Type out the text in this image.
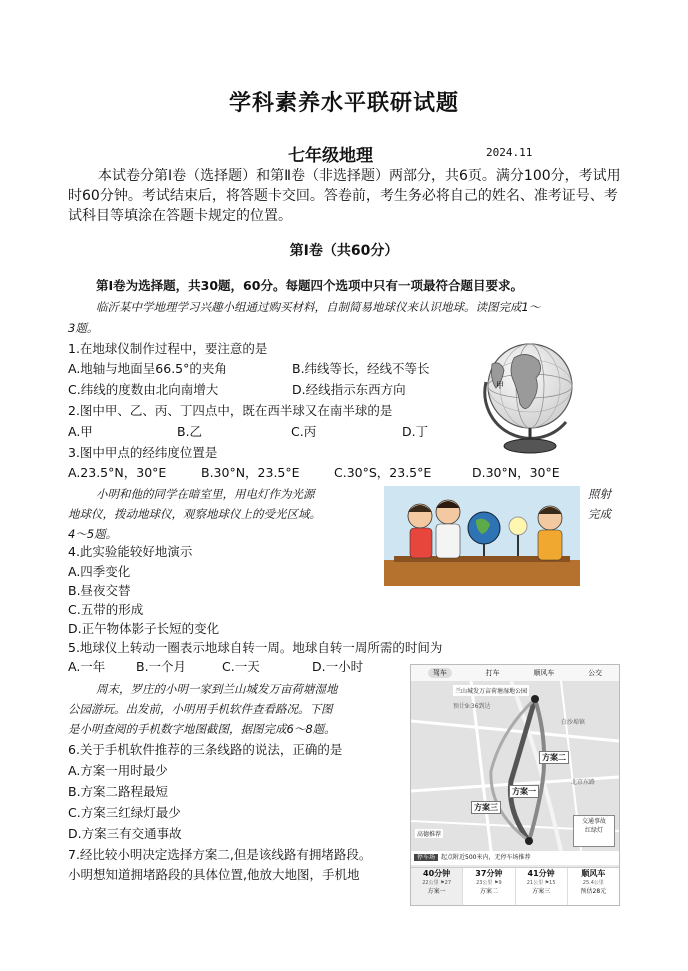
学科素养水平联研试题
七年级地理	2024.11
本试卷分第Ⅰ卷（选择题）和第Ⅱ卷（非选择题）两部分，共6页。满分100分，考试用时60分钟。考试结束后，将答题卡交回。答卷前，考生务必将自己的姓名、准考证号、考试科目等填涂在答题卡规定的位置。
第Ⅰ卷（共60分）
第Ⅰ卷为选择题，共30题，60分。每题四个选项中只有一项最符合题目要求。
临沂某中学地理学习兴趣小组通过购买材料，自制简易地球仪来认识地球。读图完成1～
3题。
1.在地球仪制作过程中，要注意的是
A.地轴与地面呈66.5°的夹角	B.纬线等长，经线不等长
C.纬线的度数由北向南增大	D.经线指示东西方向
2.图中甲、乙、丙、丁四点中，既在西半球又在南半球的是
A.甲	B.乙	C.丙	D.丁
3.图中甲点的经纬度位置是
A.23.5°N，30°E	B.30°N，23.5°E	C.30°S，23.5°E	D.30°N，30°E
甲
小明和他的同学在暗室里，用电灯作为光源	照射
地球仪，拨动地球仪，观察地球仪上的受光区域。	完成
4～5题。
4.此实验能较好地演示
A.四季变化
B.昼夜交替
C.五带的形成
D.正午物体影子长短的变化
5.地球仪上转动一圈表示地球自转一周。地球自转一周所需的时间为
A.一年 B.一个月	C.一天	D.一小时
周末，罗庄的小明一家到兰山城发万亩荷塘湿地
公园游玩。出发前，小明用手机软件查看路况。下图
是小明查阅的手机数字地图截图，据图完成6～8题。
6.关于手机软件推荐的三条线路的说法，正确的是
A.方案一用时最少
B.方案二路程最短
C.方案三红绿灯最少
D.方案三有交通事故
7.经比较小明决定选择方案二,但是该线路有拥堵路段。
小明想知道拥堵路段的具体位置,他放大地图，手机地
驾车	打车	顺风车	公交
兰山城发万亩荷塘湿地公园
预计9:36到达
白沙埠镇
北京东路
方案二
方案一
方案三
高德推荐
交通事故
红绿灯
停车场 起点附近500米内，无停车场推荐
40分钟
22公里 ⚑27
方案一
37分钟
23公里 ⚑9
方案二
41分钟
21公里 ⚑15
方案三
顺风车
25.4公里
预估28元
